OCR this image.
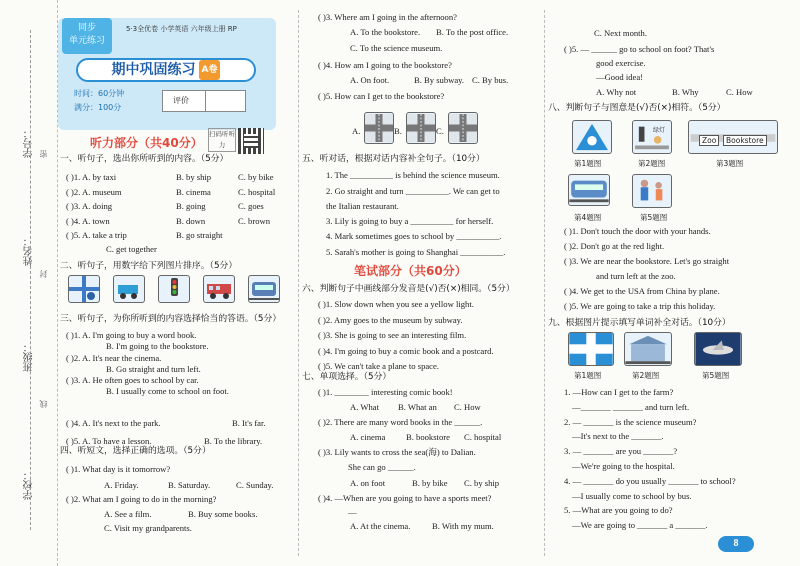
学号：
姓名：
班级：
学校：
密
封
线
同步
单元练习
5·3全优卷 小学英语 六年级上册 RP
期中巩固练习 A卷
时间：60分钟
满分：100分
评价
扫码听听力
听力部分（共40分）
一、听句子，选出你所听到的内容。（5分）
( )1. A. by taxi	B. by ship	C. by bike
( )2. A. museum	B. cinema	C. hospital
( )3. A. doing	B. going	C. goes
( )4. A. town	B. down	C. brown
( )5. A. take a trip	B. go straight
C. get together
二、听句子，用数字给下列图片排序。（5分）
三、听句子，为你所听到的内容选择恰当的答语。（5分）
( )1. A. I'm going to buy a word book.
B. I'm going to the bookstore.
( )2. A. It's near the cinema.
B. Go straight and turn left.
( )3. A. He often goes to school by car.
B. I usually come to school on foot.
( )4. A. It's next to the park.	B. It's far.
( )5. A. To have a lesson.	B. To the library.
四、听短文，选择正确的选项。（5分）
( )1. What day is it tomorrow?
A. Friday.	B. Saturday.	C. Sunday.
( )2. What am I going to do in the morning?
A. See a film.	B. Buy some books.
C. Visit my grandparents.
( )3. Where am I going in the afternoon?
A. To the bookstore. B. To the post office.
C. To the science museum.
( )4. How am I going to the bookstore?
A. On foot.	B. By subway. C. By bus.
( )5. How can I get to the bookstore?
A.	B.	C.
五、听对话，根据对话内容补全句子。（10分）
1. The __________ is behind the science museum.
2. Go straight and turn __________. We can get to
the Italian restaurant.
3. Lily is going to buy a __________ for herself.
4. Mark sometimes goes to school by __________.
5. Sarah's mother is going to Shanghai __________.
笔试部分（共60分）
六、判断句子中画线部分发音是(√)否(×)相同。（5分）
( )1. Slow down when you see a yellow light.
( )2. Amy goes to the museum by subway.
( )3. She is going to see an interesting film.
( )4. I'm going to buy a comic book and a postcard.
( )5. We can't take a plane to space.
七、单项选择。（5分）
( )1. ________ interesting comic book!
A. What B. What an C. How
( )2. There are many word books in the ______.
A. cinema B. bookstore C. hospital
( )3. Lily wants to cross the sea(海) to Dalian.
She can go ______.
A. on foot	B. by bike C. by ship
( )4. —When are you going to have a sports meet?
—
A. At the cinema.	B. With my mum.
C. Next month.
( )5. — ______ go to school on foot? That's
good exercise.
—Good idea!
A. Why not	B. Why	C. How
八、判断句子与图意是(√)否(×)相符。（5分）
绿灯
Zoo	Bookstore
第1题图	第2题图	第3题图
第4题图	第5题图
( )1. Don't touch the door with your hands.
( )2. Don't go at the red light.
( )3. We are near the bookstore. Let's go straight
and turn left at the zoo.
( )4. We get to the USA from China by plane.
( )5. We are going to take a trip this holiday.
九、根据图片提示填写单词补全对话。（10分）
第1题图	第2题图	第5题图
1. —How can I get to the farm?
—_______ _______ and turn left.
2. — _______ is the science museum?
—It's next to the _______.
3. — _______ are you _______?
—We're going to the hospital.
4. — _______ do you usually _______ to school?
—I usually come to school by bus.
5. —What are you going to do?
—We are going to _______ a _______.
8
